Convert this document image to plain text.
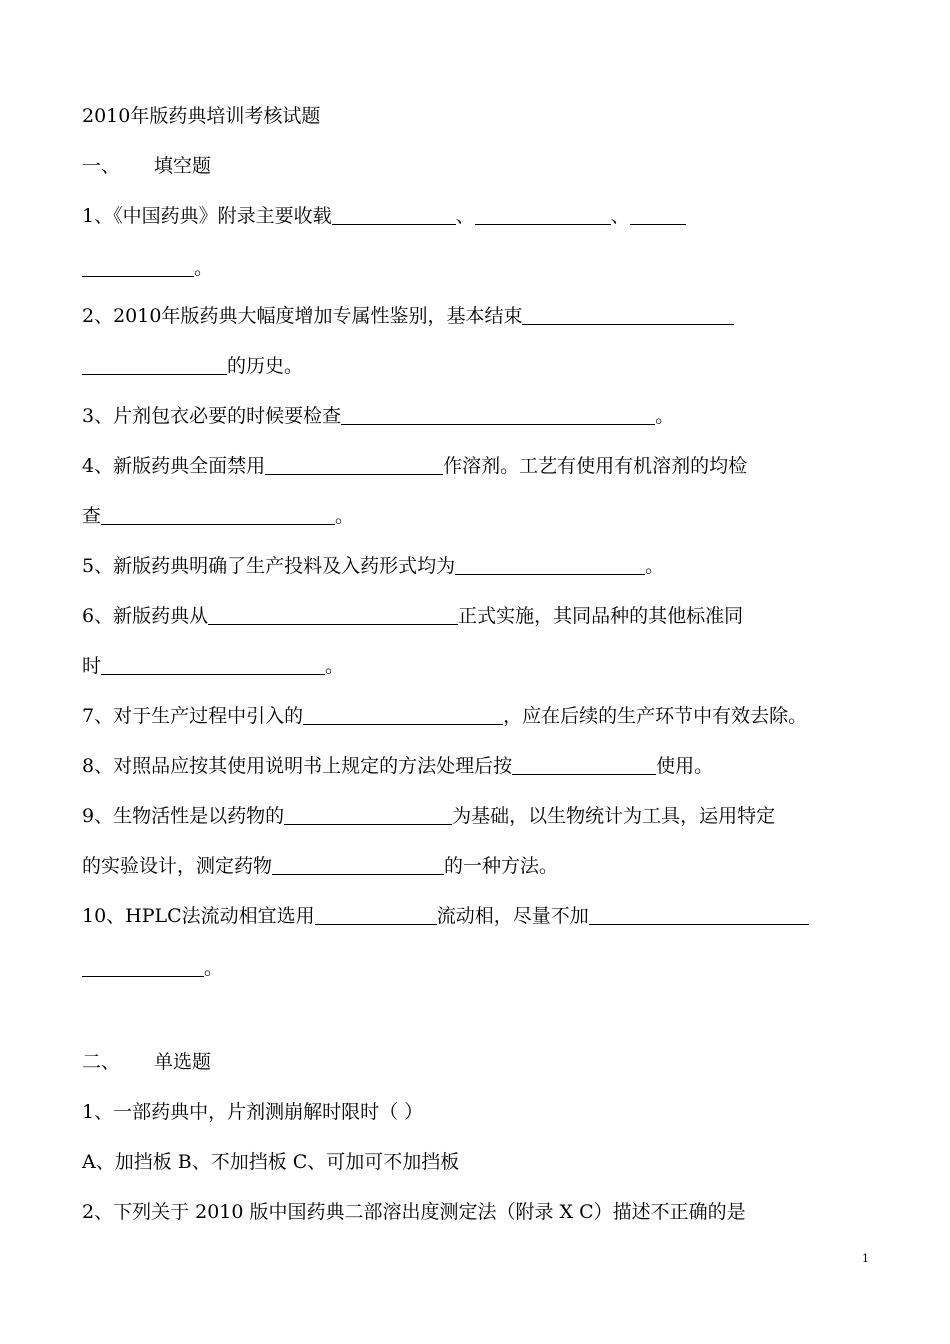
2010年版药典培训考核试题
一、 填空题
1、《中国药典》附录主要收载	、	、
。
2、2010年版药典大幅度增加专属性鉴别，基本结束
的历史。
3、片剂包衣必要的时候要检查	。
4、新版药典全面禁用	作溶剂。工艺有使用有机溶剂的均检
查	。
5、新版药典明确了生产投料及入药形式均为	。
6、新版药典从	正式实施，其同品种的其他标准同
时	。
7、对于生产过程中引入的	，应在后续的生产环节中有效去除。
8、对照品应按其使用说明书上规定的方法处理后按	使用。
9、生物活性是以药物的	为基础，以生物统计为工具，运用特定
的实验设计，测定药物	的一种方法。
10、HPLC法流动相宜选用	流动相，尽量不加
。
二、 单选题
1、一部药典中，片剂测崩解时限时（ ）
A、加挡板 B、不加挡板 C、可加可不加挡板
2、下列关于 2010 版中国药典二部溶出度测定法（附录 X C）描述不正确的是
1
